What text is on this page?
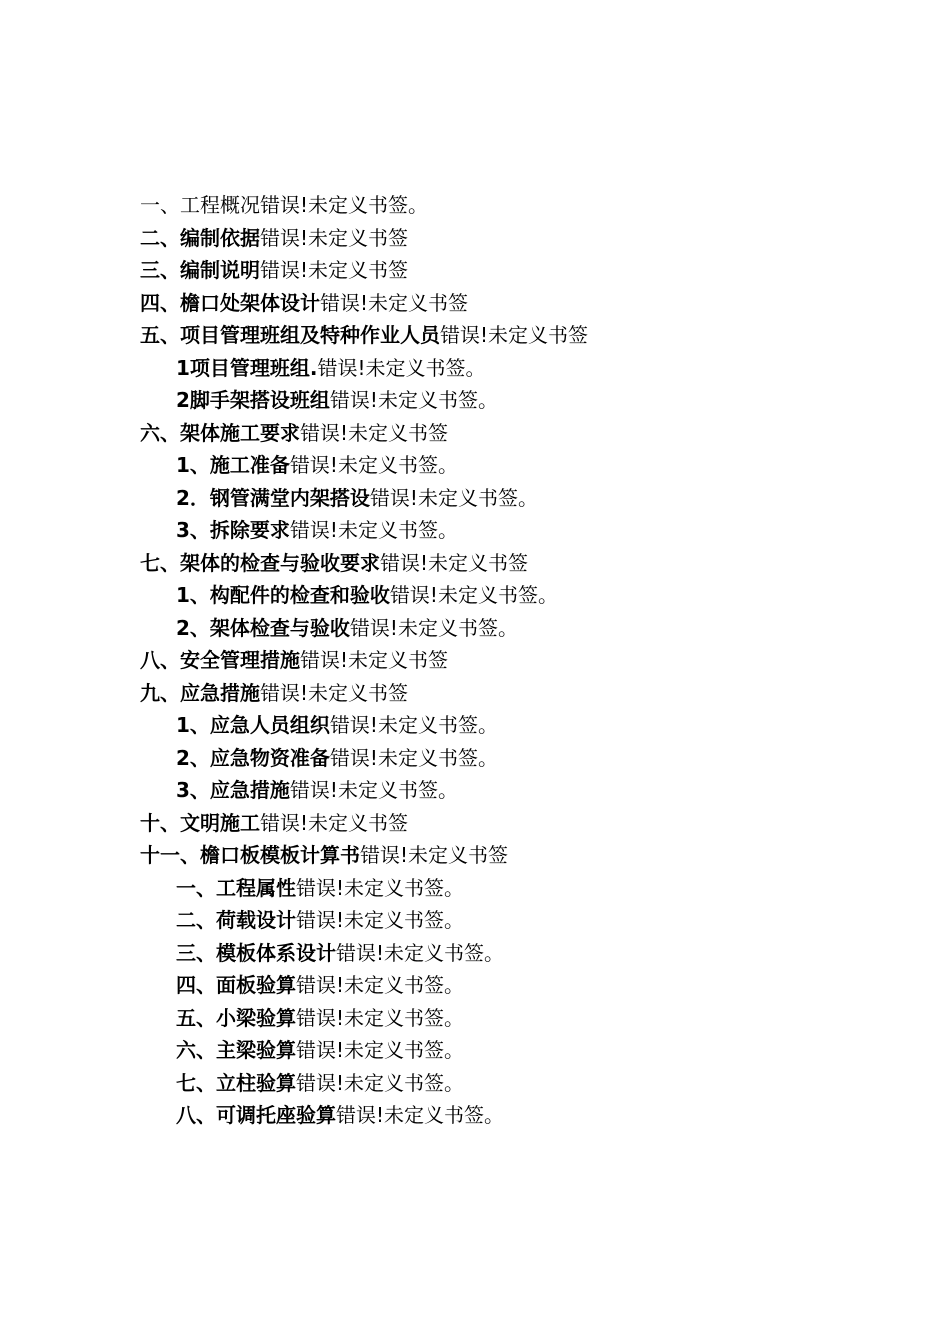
一、工程概况错误!未定义书签。
二、编制依据错误!未定义书签
三、编制说明错误!未定义书签
四、檐口处架体设计错误!未定义书签
五、项目管理班组及特种作业人员错误!未定义书签
1项目管理班组.错误!未定义书签。
2脚手架搭设班组错误!未定义书签。
六、架体施工要求错误!未定义书签
1、施工准备错误!未定义书签。
2．钢管满堂内架搭设错误!未定义书签。
3、拆除要求错误!未定义书签。
七、架体的检查与验收要求错误!未定义书签
1、构配件的检查和验收错误!未定义书签。
2、架体检查与验收错误!未定义书签。
八、安全管理措施错误!未定义书签
九、应急措施错误!未定义书签
1、应急人员组织错误!未定义书签。
2、应急物资准备错误!未定义书签。
3、应急措施错误!未定义书签。
十、文明施工错误!未定义书签
十一、檐口板模板计算书错误!未定义书签
一、工程属性错误!未定义书签。
二、荷载设计错误!未定义书签。
三、模板体系设计错误!未定义书签。
四、面板验算错误!未定义书签。
五、小梁验算错误!未定义书签。
六、主梁验算错误!未定义书签。
七、立柱验算错误!未定义书签。
八、可调托座验算错误!未定义书签。
